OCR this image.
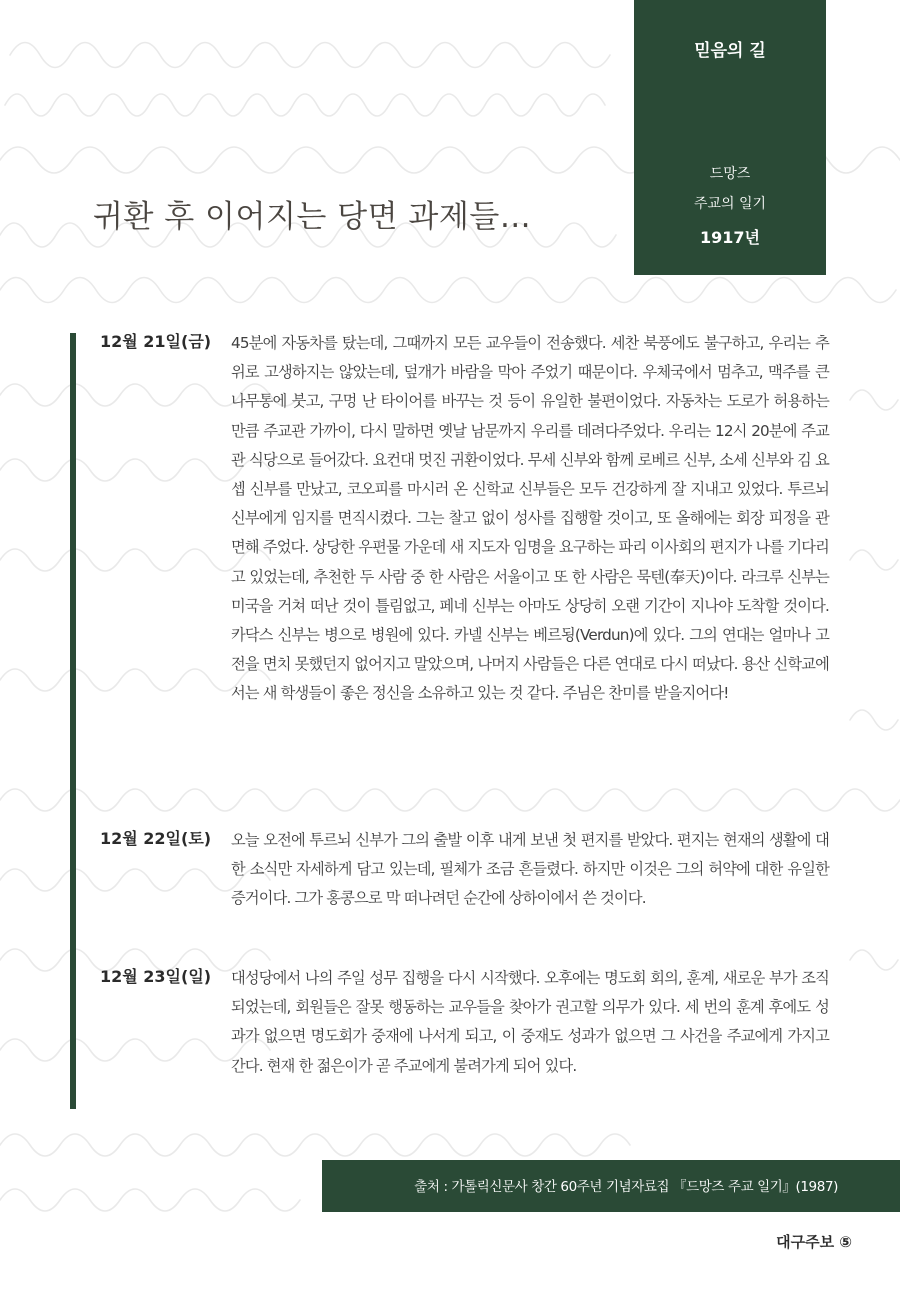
믿음의 길
드망즈
주교의 일기
1917년
귀환 후 이어지는 당면 과제들…
12월 21일(금)	45분에 자동차를 탔는데, 그때까지 모든 교우들이 전송했다. 세찬 북풍에도 불구하고, 우리는 추위로 고생하지는 않았는데, 덮개가 바람을 막아 주었기 때문이다. 우체국에서 멈추고, 맥주를 큰 나무통에 붓고, 구멍 난 타이어를 바꾸는 것 등이 유일한 불편이었다. 자동차는 도로가 허용하는 만큼 주교관 가까이, 다시 말하면 옛날 남문까지 우리를 데려다주었다. 우리는 12시 20분에 주교관 식당으로 들어갔다. 요컨대 멋진 귀환이었다. 무세 신부와 함께 로베르 신부, 소세 신부와 김 요셉 신부를 만났고, 코오피를 마시러 온 신학교 신부들은 모두 건강하게 잘 지내고 있었다. 투르뇌 신부에게 임지를 면직시켰다. 그는 찰고 없이 성사를 집행할 것이고, 또 올해에는 회장 피정을 관면해 주었다. 상당한 우편물 가운데 새 지도자 임명을 요구하는 파리 이사회의 편지가 나를 기다리고 있었는데, 추천한 두 사람 중 한 사람은 서울이고 또 한 사람은 묵텐(奉天)이다. 라크루 신부는 미국을 거쳐 떠난 것이 틀림없고, 페네 신부는 아마도 상당히 오랜 기간이 지나야 도착할 것이다. 카닥스 신부는 병으로 병원에 있다. 카넬 신부는 베르됭(Verdun)에 있다. 그의 연대는 얼마나 고전을 면치 못했던지 없어지고 말았으며, 나머지 사람들은 다른 연대로 다시 떠났다. 용산 신학교에서는 새 학생들이 좋은 정신을 소유하고 있는 것 같다. 주님은 찬미를 받을지어다!
12월 22일(토)	오늘 오전에 투르뇌 신부가 그의 출발 이후 내게 보낸 첫 편지를 받았다. 편지는 현재의 생활에 대한 소식만 자세하게 담고 있는데, 필체가 조금 흔들렸다. 하지만 이것은 그의 허약에 대한 유일한 증거이다. 그가 홍콩으로 막 떠나려던 순간에 상하이에서 쓴 것이다.
12월 23일(일)	대성당에서 나의 주일 성무 집행을 다시 시작했다. 오후에는 명도회 회의, 훈계, 새로운 부가 조직되었는데, 회원들은 잘못 행동하는 교우들을 찾아가 권고할 의무가 있다. 세 번의 훈계 후에도 성과가 없으면 명도회가 중재에 나서게 되고, 이 중재도 성과가 없으면 그 사건을 주교에게 가지고 간다. 현재 한 젊은이가 곧 주교에게 불려가게 되어 있다.
출처 : 가톨릭신문사 창간 60주년 기념자료집 『드망즈 주교 일기』(1987)
대구주보 ⑤
